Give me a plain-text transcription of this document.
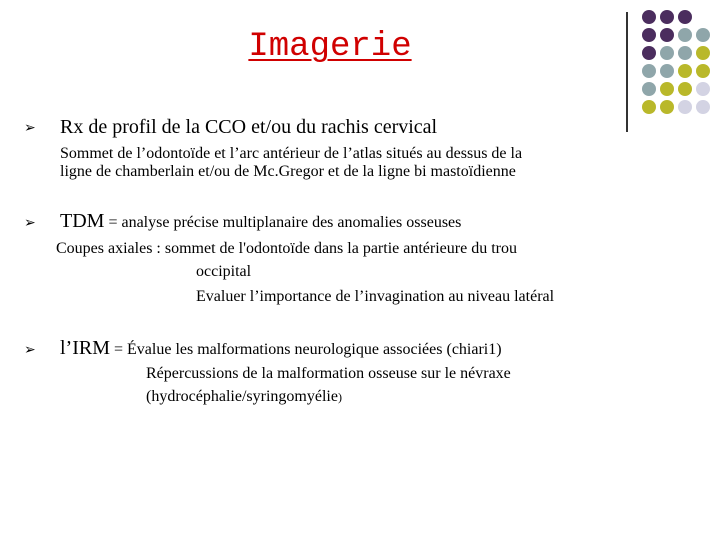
Imagerie
➢ Rx de profil de la CCO et/ou du rachis cervical
Sommet de l’odontoïde et l’arc antérieur de l’atlas situés au dessus de la
ligne de chamberlain et/ou de Mc.Gregor et de la ligne bi mastoïdienne
➢ TDM = analyse précise multiplanaire des anomalies osseuses
Coupes axiales : sommet de l'odontoïde dans la partie antérieure du trou
occipital
Evaluer l’importance de l’invagination au niveau latéral
➢ l’IRM = Évalue les malformations neurologique associées (chiari1)
Répercussions de la malformation osseuse sur le névraxe
(hydrocéphalie/syringomyélie)
